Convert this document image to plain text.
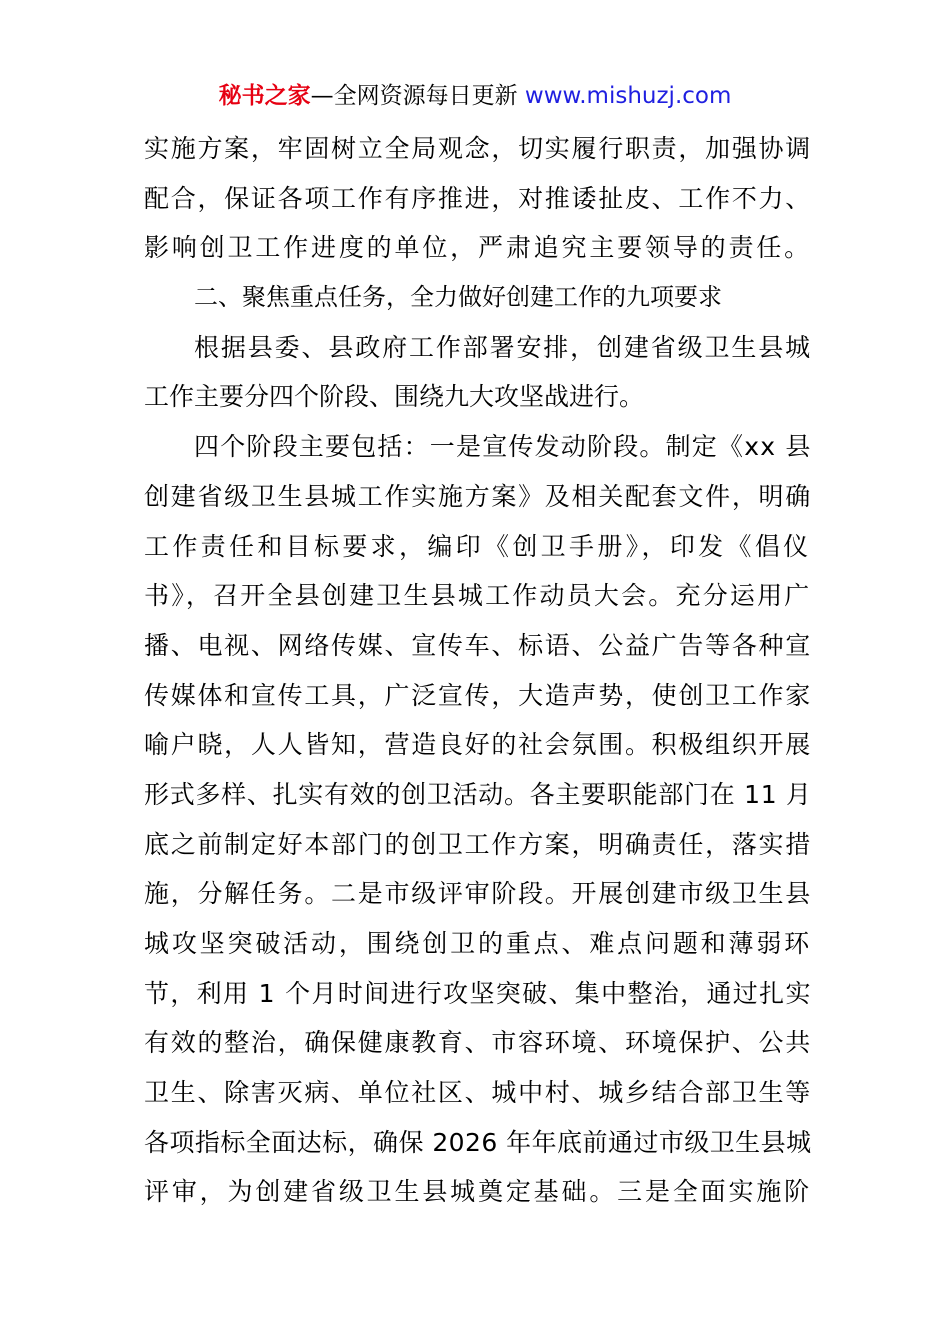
秘书之家—全网资源每日更新 www.mishuzj.com
实施方案，牢固树立全局观念，切实履行职责，加强协调
配合，保证各项工作有序推进，对推诿扯皮、工作不力、
影响创卫工作进度的单位，严肃追究主要领导的责任。
二、聚焦重点任务，全力做好创建工作的九项要求
根据县委、县政府工作部署安排，创建省级卫生县城
工作主要分四个阶段、围绕九大攻坚战进行。
四个阶段主要包括：一是宣传发动阶段。制定《xx 县
创建省级卫生县城工作实施方案》及相关配套文件，明确
工作责任和目标要求，编印《创卫手册》，印发《倡仪
书》，召开全县创建卫生县城工作动员大会。充分运用广
播、电视、网络传媒、宣传车、标语、公益广告等各种宣
传媒体和宣传工具，广泛宣传，大造声势，使创卫工作家
喻户晓，人人皆知，营造良好的社会氛围。积极组织开展
形式多样、扎实有效的创卫活动。各主要职能部门在 11 月
底之前制定好本部门的创卫工作方案，明确责任，落实措
施，分解任务。二是市级评审阶段。开展创建市级卫生县
城攻坚突破活动，围绕创卫的重点、难点问题和薄弱环
节，利用 1 个月时间进行攻坚突破、集中整治，通过扎实
有效的整治，确保健康教育、市容环境、环境保护、公共
卫生、除害灭病、单位社区、城中村、城乡结合部卫生等
各项指标全面达标，确保 2026 年年底前通过市级卫生县城
评审，为创建省级卫生县城奠定基础。三是全面实施阶
